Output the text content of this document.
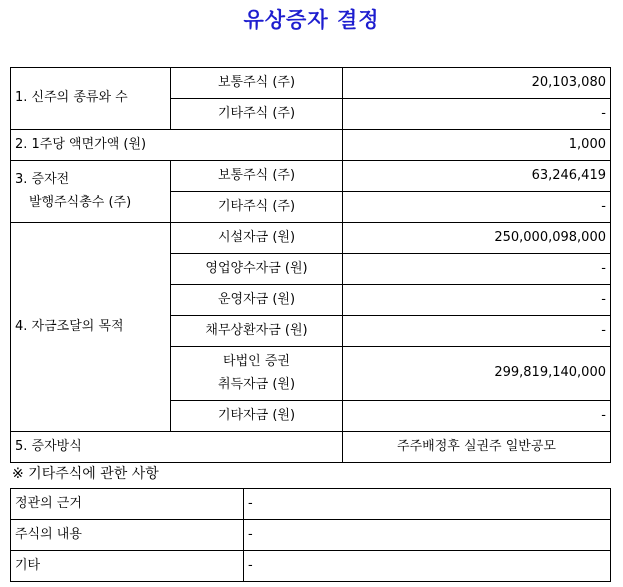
유상증자 결정
1. 신주의 종류와 수	보통주식 (주)	20,103,080
	기타주식 (주)	-
2. 1주당 액면가액 (원)		1,000

3. 증자전
발행주식총수 (주)	보통주식 (주)	63,246,419
	기타주식 (주)	-
4. 자금조달의 목적	시설자금 (원)	250,000,098,000
	영업양수자금 (원)	-
	운영자금 (원)	-
	채무상환자금 (원)	-

	타법인 증권
취득자금 (원)	299,819,140,000
	기타자금 (원)	-
5. 증자방식		주주배정후 실권주 일반공모
※ 기타주식에 관한 사항
정관의 근거	-
주식의 내용	-
기타	-
